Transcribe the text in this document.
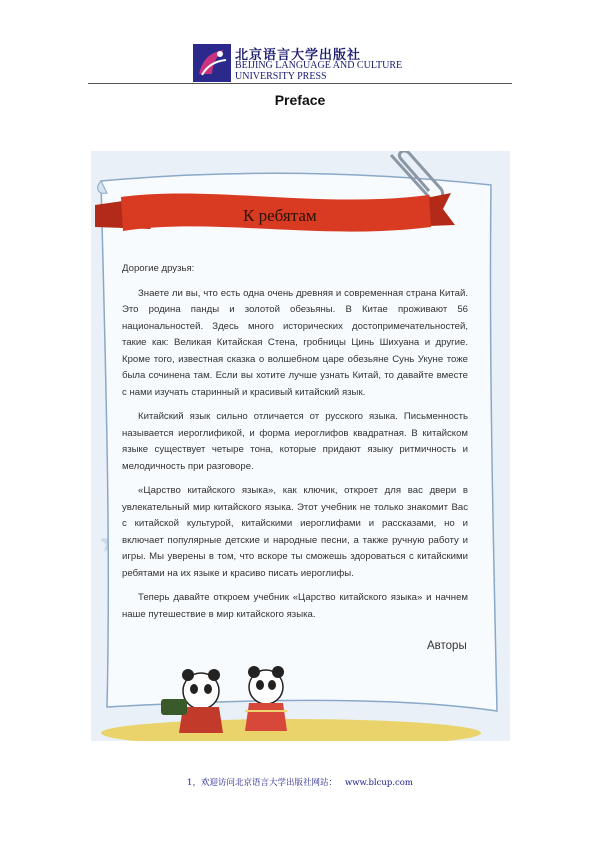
北京语言大学出版社
BEIJING LANGUAGE AND CULTURE
UNIVERSITY PRESS
Preface
К ребятам

Дорогие друзья:

Знаете ли вы, что есть одна очень древняя и современная страна Китай. Это родина панды и золотой обезьяны. В Китае проживают 56 национальностей. Здесь много исторических достопримечательностей, такие как: Великая Китайская Стена, гробницы Цинь Шихуана и другие. Кроме того, известная сказка о волшебном царе обезьяне Сунь Укуне тоже была сочинена там. Если вы хотите лучше узнать Китай, то давайте вместе с нами изучать старинный и красивый китайский язык.

Китайский язык сильно отличается от русского языка. Письменность называется иероглификой, и форма иероглифов квадратная. В китайском языке существует четыре тона, которые придают языку ритмичность и мелодичность при разговоре.

«Царство китайского языка», как ключик, откроет для вас двери в увлекательный мир китайского языка. Этот учебник не только знакомит Вас с китайской культурой, китайскими иероглифами и рассказами, но и включает популярные детские и народные песни, а также ручную работу и игры. Мы уверены в том, что вскоре ты сможешь здороваться с китайскими ребятами на их языке и красиво писать иероглифы.

Теперь давайте откроем учебник «Царство китайского языка» и начнем наше путешествие в мир китайского языка.

Авторы
1，欢迎访问北京语言大学出版社网站： www.blcup.com
